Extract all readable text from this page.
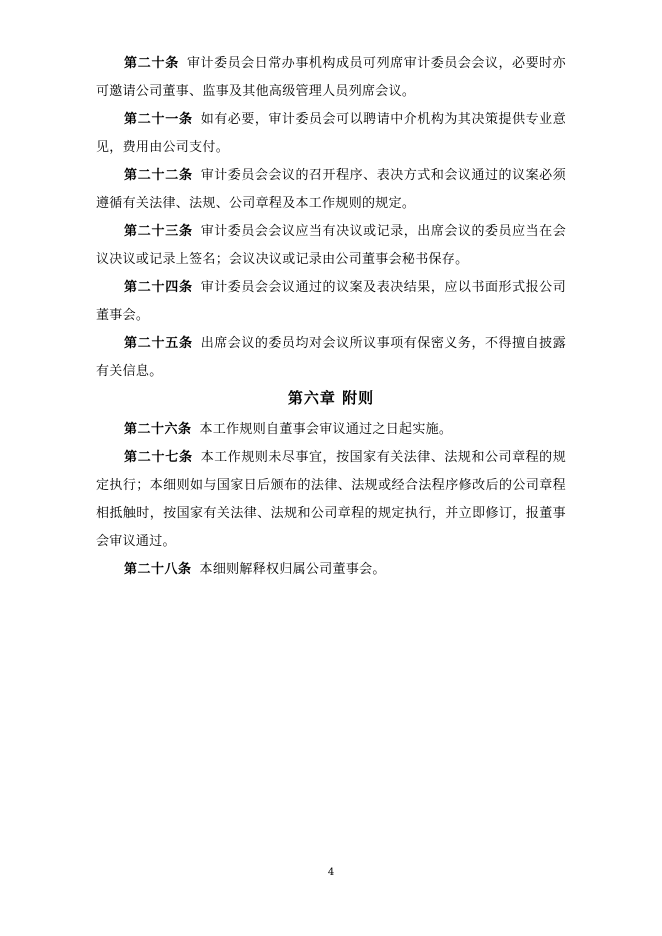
第二十条 审计委员会日常办事机构成员可列席审计委员会会议，必要时亦可邀请公司董事、监事及其他高级管理人员列席会议。

第二十一条 如有必要，审计委员会可以聘请中介机构为其决策提供专业意见，费用由公司支付。

第二十二条 审计委员会会议的召开程序、表决方式和会议通过的议案必须遵循有关法律、法规、公司章程及本工作规则的规定。

第二十三条 审计委员会会议应当有决议或记录，出席会议的委员应当在会议决议或记录上签名；会议决议或记录由公司董事会秘书保存。

第二十四条 审计委员会会议通过的议案及表决结果，应以书面形式报公司董事会。

第二十五条 出席会议的委员均对会议所议事项有保密义务，不得擅自披露有关信息。

第六章 附则

第二十六条 本工作规则自董事会审议通过之日起实施。

第二十七条 本工作规则未尽事宜，按国家有关法律、法规和公司章程的规定执行；本细则如与国家日后颁布的法律、法规或经合法程序修改后的公司章程相抵触时，按国家有关法律、法规和公司章程的规定执行，并立即修订，报董事会审议通过。

第二十八条 本细则解释权归属公司董事会。

4
